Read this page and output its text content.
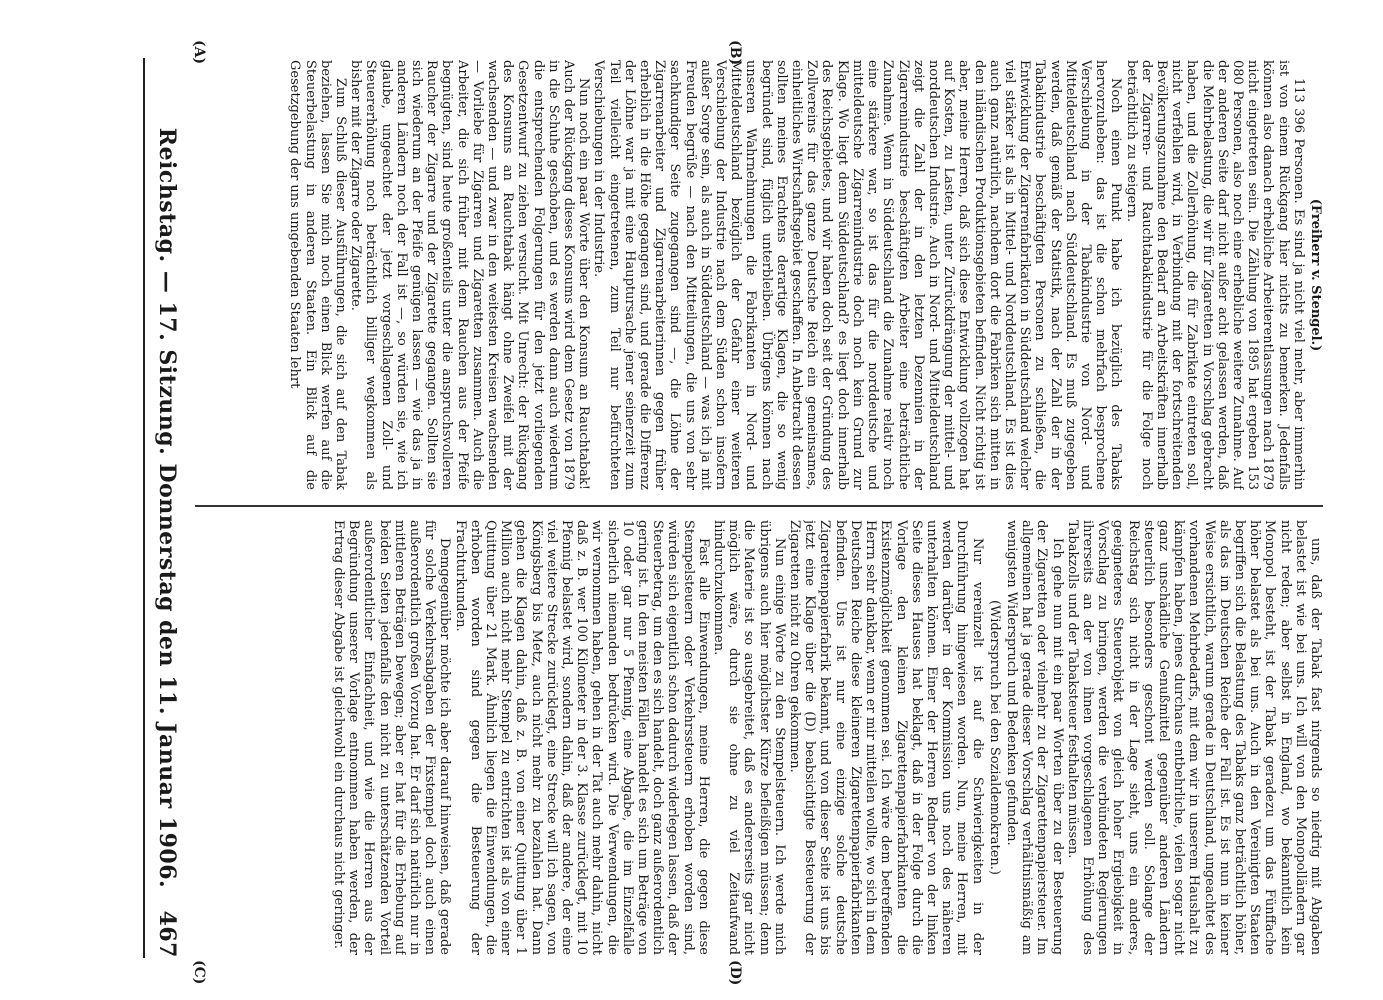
Reichstag. — 17. Sitzung. Donnerstag den 11. Januar 1906.
467
(A)	(B)
(C)	(D)

(Freiherr v. Stengel.)

113 396 Personen. Es sind ja nicht viel mehr, aber immerhin ist von einem Rückgang hier nichts zu bemerken. Jedenfalls können also danach erhebliche Arbeiterentlassungen nach 1879 nicht eingetreten sein. Die Zählung von 1895 hat ergeben 153 080 Personen, also noch eine erhebliche weitere Zunahme. Auf der anderen Seite darf nicht außer acht gelassen werden, daß die Mehrbelastung, die wir für Zigaretten in Vorschlag gebracht haben, und die Zollerhöhung, die für Zabrikate eintreten soll, nicht verfehlen wird, in Verbindung mit der fortschreitenden Bevölkerungszunahme den Bedarf an Arbeitskräften innerhalb der Zigarren- und Rauchtabakindustrie für die Folge noch beträchtlich zu steigern.

Noch einen Punkt habe ich bezüglich des Tabaks hervorzuheben: das ist die schon mehrfach besprochene Verschiebung in der Tabakindustrie von Nord- und Mitteldeutschland nach Süddeutschland. Es muß zugegeben werden, daß gemäß der Statistik, nach der Zahl der in der Tabakindustrie beschäftigten Personen zu schließen, die Entwicklung der Zigarrenfabrikation in Süddeutschland welcher viel stärker ist als in Mittel- und Norddeutschland. Es ist dies auch ganz natürlich, nachdem dort die Fabriken sich mitten in den inländischen Produktionsgebieten befinden. Nicht richtig ist aber, meine Herren, daß sich diese Entwicklung vollzogen hat auf Kosten, zu Lasten, unter Zurückdrängung der mittel- und norddeutschen Industrie. Auch in Nord- und Mitteldeutschland zeigt die Zahl der in den letzten Dezennien in der Zigarrenindustrie beschäftigten Arbeiter eine beträchtliche Zunahme. Wenn in Süddeutschland die Zunahme relativ noch eine stärkere war, so ist das für die norddeutsche und mitteldeutsche Zigarrenindustrie doch noch kein Grund zur Klage. Wo liegt denn Süddeutschland? es liegt doch innerhalb des Reichsgebietes, und wir haben doch seit der Gründung des Zollvereins für das ganze Deutsche Reich ein gemeinsames, einheitliches Wirtschaftsgebiet geschaffen. In Anbetracht dessen sollten meines Erachtens derartige Klagen, die so wenig begründet sind, füglich unterbleiben. Übrigens können nach unseren Wahrnehmungen die Fabrikanten in Nord- und Mitteldeutschland bezüglich der Gefahr einer weiteren Verschiebung der Industrie nach dem Süden schon insofern außer Sorge sein, als auch in Süddeutschland — was ich ja mit Freuden begrüße — nach den Mitteilungen, die uns von sehr sachkundiger Seite zugegangen sind —, die Löhne der Zigarrenarbeiter und Zigarrenarbeiterinnen gegen früher erheblich in die Höhe gegangen sind, und gerade die Differenz der Löhne war ja mit eine Hauptursache jener seinerzeit zum Teil vielleicht eingetretenen, zum Teil nur befürchteten Verschiebungen in der Industrie.

Nun noch ein paar Worte über den Konsum an Rauchtabak! Auch der Rückgang dieses Konsums wird dem Gesetz von 1879 in die Schuhe geschoben, und es werden dann auch wiederum die entsprechenden Folgerungen für den jetzt vorliegenden Gesetzentwurf zu ziehen versucht. Mit Unrecht: der Rückgang des Konsums an Rauchtabak hängt ohne Zweifel mit der wachsenden — und zwar in den weitesten Kreisen wachsenden — Vorliebe für Zigarren und Zigaretten zusammen. Auch die Arbeiter, die sich früher mit dem Rauchen aus der Pfeife begnügten, sind heute großenteils unter die anspruchsvolleren Raucher der Zigarre und der Zigarette gegangen. Sollten sie sich wiederum an der Pfeife genügen lassen — wie das ja in anderen Ländern noch der Fall ist —, so würden sie, wie ich glaube, ungeachtet der jetzt vorgeschlagenen Zoll- und Steuererhöhung noch beträchtlich billiger wegkommen als bisher mit der Zigarre oder Zigarette.

Zum Schluß dieser Ausführungen, die sich auf den Tabak beziehen, lassen Sie mich noch einen Blick werfen auf die Steuerbelastung in anderen Staaten. Ein Blick auf die Gesetzgebung der uns umgebenden Staaten lehrt

uns, daß der Tabak fast nirgends so niedrig mit Abgaben belastet ist wie bei uns. Ich will von den Monopolländern gar nicht reden; aber selbst in England, wo bekanntlich kein Monopol besteht, ist der Tabak geradezu um das Fünffache höher belastet als bei uns. Auch in den Vereinigten Staaten begriffen sich die Belastung des Tabaks ganz beträchtlich höher, als das im Deutschen Reiche der Fall ist. Es ist nun in keiner Weise ersichtlich, warum gerade in Deutschland, ungeachtet des vorhandenen Mehrbedarfs, mit dem wir in unserem Haushalt zu kämpfen haben, jenes durchaus entbehrliche, vielen sogar nicht ganz unschädliche Genußmittel gegenüber anderen Ländern steuerlich besonders geschont werden soll. Solange der Reichstag sich nicht in der Lage sieht, uns ein anderes, geeigneteres Steuerobjekt von gleich hoher Ergiebigkeit in Vorschlag zu bringen, werden die verbündeten Regierungen ihrerseits an der von ihnen vorgeschlagenen Erhöhung des Tabakzolls und der Tabaksteuer festhalten müssen.

Ich gehe nun mit ein paar Worten über zu der Besteuerung der Zigaretten oder vielmehr zu der Zigarettenpapiersteuer. Im allgemeinen hat ja gerade dieser Vorschlag verhältnismäßig am wenigsten Widerspruch und Bedenken gefunden.

(Widerspruch bei den Sozialdemokraten.)

Nur vereinzelt ist auf die Schwierigkeiten in der Durchführung hingewiesen worden. Nun, meine Herren, mit werden darüber in der Kommission uns noch des näheren unterhalten können. Einer der Herren Redner von der linken Seite dieses Hauses hat beklagt, daß in der Folge durch die Vorlage den kleinen Zigarettenpapierfabrikanten die Existenzmöglichkeit genommen sei. Ich wäre dem betreffenden Herrn sehr dankbar, wenn er mir mitteilen wollte, wo sich in dem Deutschen Reiche diese kleineren Zigarettenpapierfabrikanten befinden. Uns ist nur eine einzige solche deutsche Zigarettenpapierfabrik bekannt, und von dieser Seite ist uns bis jetzt eine Klage über die (D) beabsichtigte Besteuerung der Zigaretten nicht zu Ohren gekommen.

Nun einige Worte zu den Stempelsteuern. Ich werde mich übrigens auch hier möglichster Kürze befleißigen müssen; denn die Materie ist so ausgebreitet, daß es andererseits gar nicht möglich wäre, durch sie ohne zu viel Zeitaufwand hindurchzukommen.

Fast alle Einwendungen, meine Herren, die gegen diese Stempelsteuern oder Verkehrssteuern erhoben worden sind, würden sich eigentlich schon dadurch widerlegen lassen, daß der Steuerbetrag, um den es sich handelt, doch ganz außerordentlich gering ist. In den meisten Fällen handelt es sich um Beträge von 10 oder gar nur 5 Pfennig, eine Abgabe, die im Einzelfalle sicherlich niemanden bedrücken wird. Die Verwendungen, die wir vernommen haben, gehen in der Tat auch mehr dahin, nicht daß z. B. wer 100 Kilometer in der 3. Klasse zurücklegt, mit 10 Pfennig belastet wird, sondern dahin, daß der andere, der eine viel weitere Strecke zurücklegt, eine Strecke will ich sagen, von Königsberg bis Metz, auch nicht mehr zu bezahlen hat. Dann gehen die Klagen dahin, daß z. B. von einer Quittung über 1 Million auch nicht mehr Stempel zu entrichten ist als von einer Quittung über 21 Mark. Ähnlich liegen die Einwendungen, die erhoben worden sind gegen die Besteuerung der Frachturkunden.

Demgegenüber möchte ich aber darauf hinweisen, daß gerade für solche Verkehrsabgaben der Fixstempel doch auch einen außerordentlich großen Vorzug hat. Er darf sich natürlich nur in mittleren Beträgen bewegen; aber er hat für die Erhebung auf beiden Seiten jedenfalls den nicht zu unterschätzenden Vorteil außerordentlicher Einfachheit, und wie die Herren aus der Begründung unserer Vorlage entnommen haben werden, der Ertrag dieser Abgabe ist gleichwohl ein durchaus nicht geringer.
